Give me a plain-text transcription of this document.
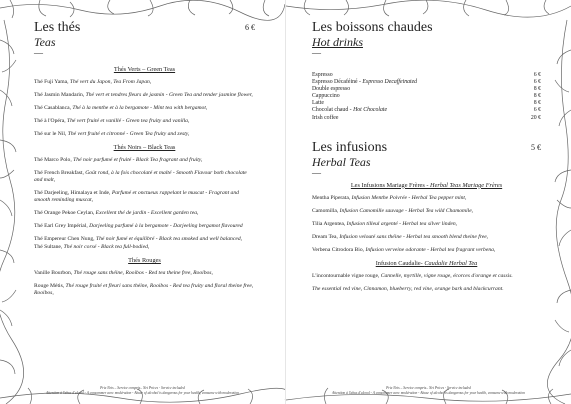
Les thés	6 €
Teas
—
Thés Verts – Green Teas
Thé Fuji Yama, Thé vert du Japon, Tea From Japan,
Thé Jasmin Mandarin, Thé vert et tendres fleurs de jasmin - Green Tea and tender jasmine flower,
Thé Casablanca, Thé à la menthe et à la bergamote - Mint tea with bergamot,
Thé à l'Opéra, Thé vert fruité et vanillé - Green tea fruity and vanilla,
Thé sur le Nil, Thé vert fruité et citronné - Green Tea fruity and zesty,
Thés Noirs – Black Teas
Thé Marco Polo, Thé noir parfumé et fruité - Black Tea fragrant and fruity,
Thé French Breakfast, Goût rond, à la fois chocolaté et malté - Smooth Flavour both chocolate and malt,
Thé Darjeeling, Himalaya et Inde, Parfumé et onctueux rappelant le muscat - Fragrant and smooth reminding muscat,
Thé Orange Pekoe Ceylan, Excellent thé de jardin - Excellent garden tea,
Thé Earl Grey Impérial, Darjeeling parfumé à la bergamote - Darjeeling bergamot flavoured
Thé Empereur Chen Nung, Thé noir fumé et équilibré - Black tea smoked and well balanced,
Thé Sultane, Thé noir corsé - Black tea full-bodied,
Thés Rouges
Vanille Bourbon, Thé rouge sans théine, Rooibos - Red tea theine free, Rooibos,
Rouge Métis, Thé rouge fruité et fleuri sans théine, Rooibos - Red tea fruity and floral theine free, Rooibos,
Prix Nets – Service compris– Net Prices - Service included
Attention à l'abus d'alcool - A consommer avec modération - Abuse of alcohol is dangerous for your health, consume with moderation
Les boissons chaudes
Hot drinks
—
Espresso	6 €
Espresso Décaféiné - Espresso Decaffeinated	6 €
Double espresso	8 €
Cappuccino	8 €
Latte	8 €
Chocolat chaud - Hot Chocolate	6 €
Irish coffee	20 €
Les infusions	5 €
Herbal Teas
—
Les Infusions Mariage Frères - Herbal Teas Mariage Frères
Mentha Piperata, Infusion Menthe Poivrée - Herbal Tea pepper mint,
Camomilla, Infusion Camomille sauvage - Herbal Tea wild Chamomile,
Tilia Argentea, Infusion tilleul argenté - Herbal tea silver linden,
Dream Tea, Infusion velouté sans théine - Herbal tea smooth blend theine free,
Verbena Citrodora Bio, Infusion verveine odorante - Herbal tea fragrant verbena,
Infusion Caudalie- Caudalie Herbal Tea
L'incontournable vigne rouge, Cannelle, myrtille, vigne rouge, écorces d'orange et cassis.
The essential red vine, Cinnamon, blueberry, red vine, orange bark and blackcurrant.
Prix Nets – Service compris– Net Prices - Service included
Attention à l'abus d'alcool - A consommer avec modération - Abuse of alcohol is dangerous for your health, consume with moderation
